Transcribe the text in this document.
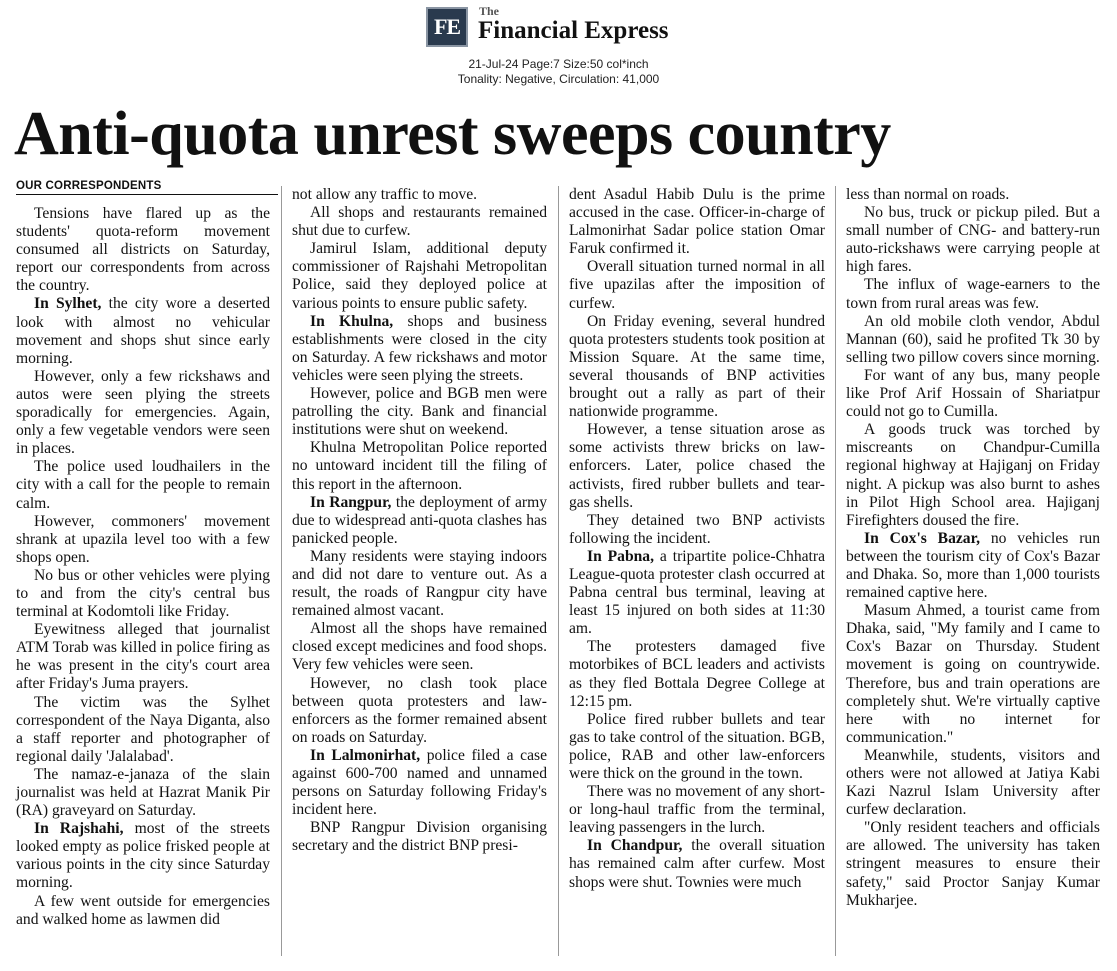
FE
The
Financial Express
21-Jul-24 Page:7 Size:50 col*inch
Tonality: Negative, Circulation: 41,000
Anti-quota unrest sweeps country
OUR CORRESPONDENTS

Tensions have flared up as the students' quota-reform movement consumed all districts on Saturday, report our correspondents from across the country.

In Sylhet, the city wore a deserted look with almost no vehicular movement and shops shut since early morning.

However, only a few rickshaws and autos were seen plying the streets sporadically for emergencies. Again, only a few vegetable vendors were seen in places.

The police used loudhailers in the city with a call for the people to remain calm.

However, commoners' movement shrank at upazila level too with a few shops open.

No bus or other vehicles were plying to and from the city's central bus terminal at Kodomtoli like Friday.

Eyewitness alleged that journalist ATM Torab was killed in police firing as he was present in the city's court area after Friday's Juma prayers.

The victim was the Sylhet correspondent of the Naya Diganta, also a staff reporter and photographer of regional daily 'Jalalabad'.

The namaz-e-janaza of the slain journalist was held at Hazrat Manik Pir (RA) graveyard on Saturday.

In Rajshahi, most of the streets looked empty as police frisked people at various points in the city since Saturday morning.

A few went outside for emergencies and walked home as lawmen did

not allow any traffic to move.

All shops and restaurants remained shut due to curfew.

Jamirul Islam, additional deputy commissioner of Rajshahi Metropolitan Police, said they deployed police at various points to ensure public safety.

In Khulna, shops and business establishments were closed in the city on Saturday. A few rickshaws and motor vehicles were seen plying the streets.

However, police and BGB men were patrolling the city. Bank and financial institutions were shut on weekend.

Khulna Metropolitan Police reported no untoward incident till the filing of this report in the afternoon.

In Rangpur, the deployment of army due to widespread anti-quota clashes has panicked people.

Many residents were staying indoors and did not dare to venture out. As a result, the roads of Rangpur city have remained almost vacant.

Almost all the shops have remained closed except medicines and food shops. Very few vehicles were seen.

However, no clash took place between quota protesters and law-enforcers as the former remained absent on roads on Saturday.

In Lalmonirhat, police filed a case against 600-700 named and unnamed persons on Saturday following Friday's incident here.

BNP Rangpur Division organising secretary and the district BNP presi-

dent Asadul Habib Dulu is the prime accused in the case. Officer-in-charge of Lalmonirhat Sadar police station Omar Faruk confirmed it.

Overall situation turned normal in all five upazilas after the imposition of curfew.

On Friday evening, several hundred quota protesters students took position at Mission Square. At the same time, several thousands of BNP activities brought out a rally as part of their nationwide programme.

However, a tense situation arose as some activists threw bricks on law-enforcers. Later, police chased the activists, fired rubber bullets and tear-gas shells.

They detained two BNP activists following the incident.

In Pabna, a tripartite police-Chhatra League-quota protester clash occurred at Pabna central bus terminal, leaving at least 15 injured on both sides at 11:30 am.

The protesters damaged five motorbikes of BCL leaders and activists as they fled Bottala Degree College at 12:15 pm.

Police fired rubber bullets and tear gas to take control of the situation. BGB, police, RAB and other law-enforcers were thick on the ground in the town.

There was no movement of any short- or long-haul traffic from the terminal, leaving passengers in the lurch.

In Chandpur, the overall situation has remained calm after curfew. Most shops were shut. Townies were much

less than normal on roads.

No bus, truck or pickup piled. But a small number of CNG- and battery-run auto-rickshaws were carrying people at high fares.

The influx of wage-earners to the town from rural areas was few.

An old mobile cloth vendor, Abdul Mannan (60), said he profited Tk 30 by selling two pillow covers since morning.

For want of any bus, many people like Prof Arif Hossain of Shariatpur could not go to Cumilla.

A goods truck was torched by miscreants on Chandpur-Cumilla regional highway at Hajiganj on Friday night. A pickup was also burnt to ashes in Pilot High School area. Hajiganj Firefighters doused the fire.

In Cox's Bazar, no vehicles run between the tourism city of Cox's Bazar and Dhaka. So, more than 1,000 tourists remained captive here.

Masum Ahmed, a tourist came from Dhaka, said, "My family and I came to Cox's Bazar on Thursday. Student movement is going on countrywide. Therefore, bus and train operations are completely shut. We're virtually captive here with no internet for communication."

Meanwhile, students, visitors and others were not allowed at Jatiya Kabi Kazi Nazrul Islam University after curfew declaration.

"Only resident teachers and officials are allowed. The university has taken stringent measures to ensure their safety," said Proctor Sanjay Kumar Mukharjee.
